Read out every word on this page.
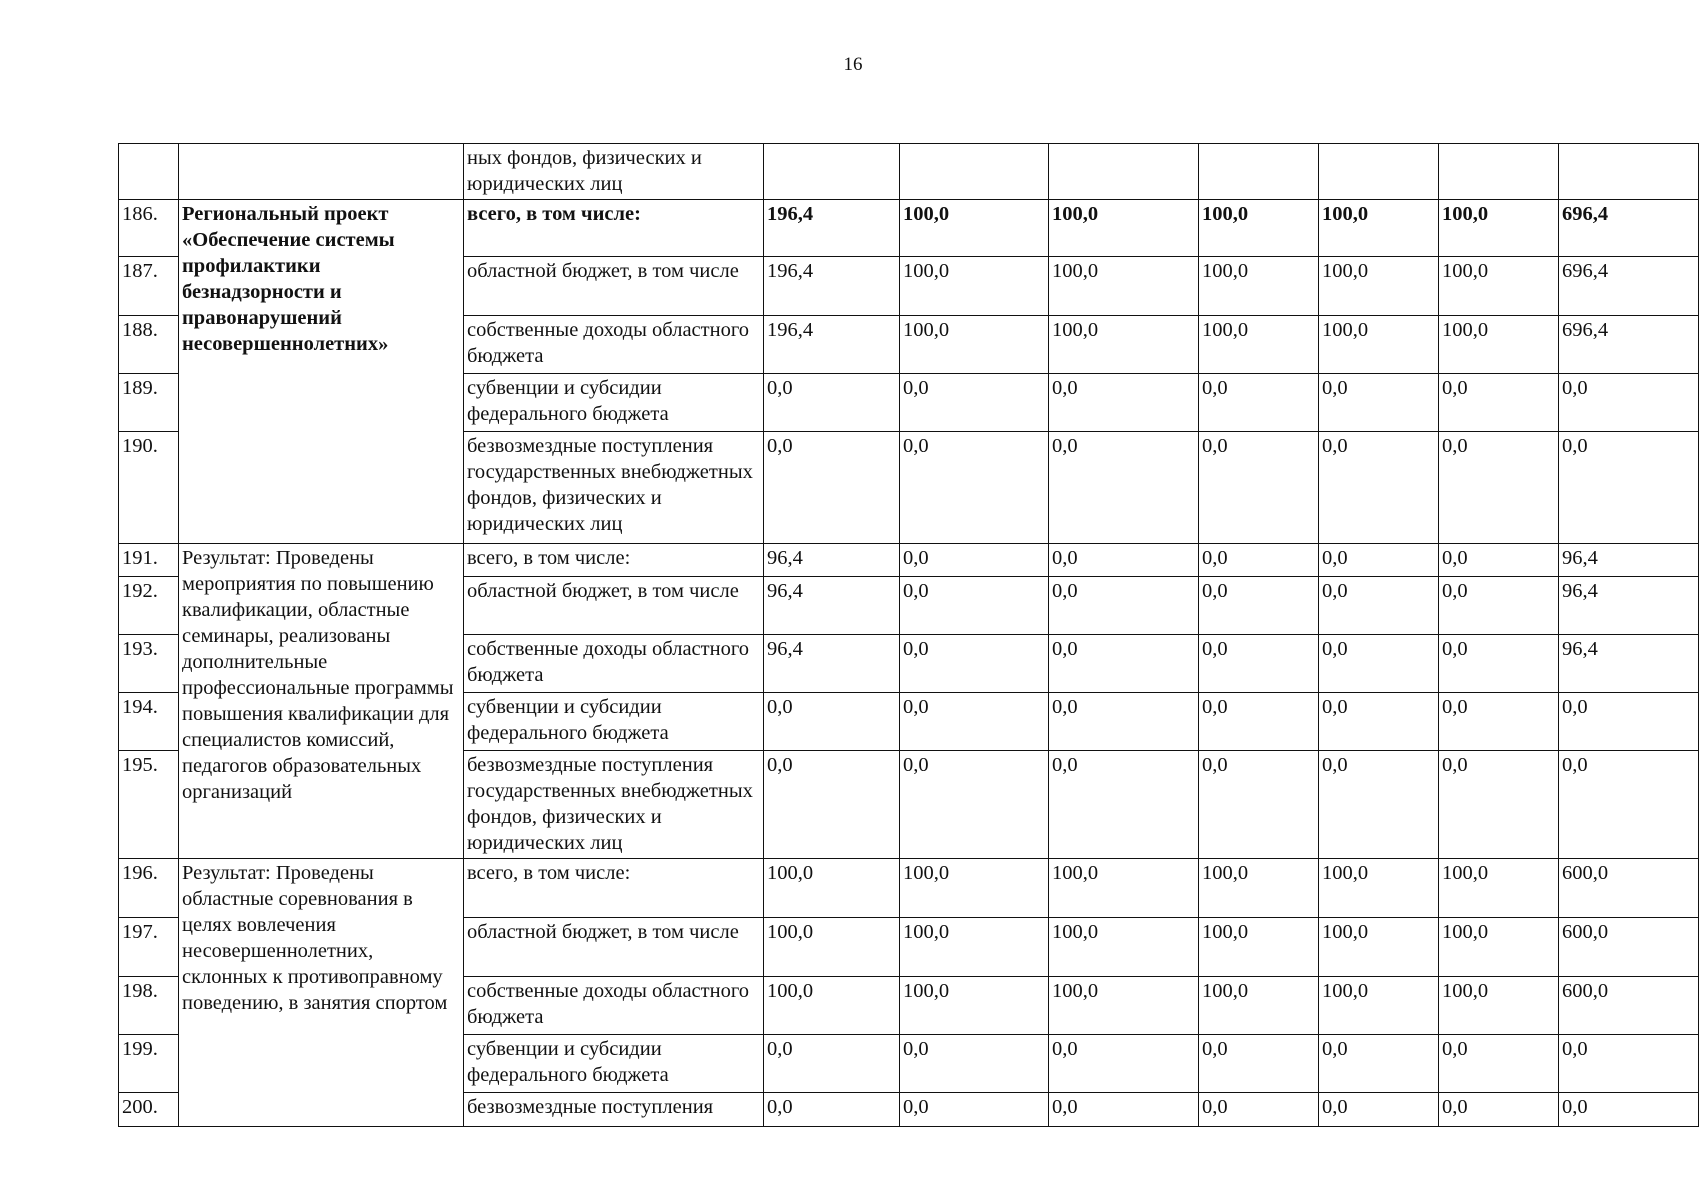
16
		ных фондов, физических и юридических лиц							
186.	Региональный проект «Обеспечение системы профилактики безнадзорности и правонарушений несовершеннолетних»	всего, в том числе:	196,4	100,0	100,0	100,0	100,0	100,0	696,4
187.		областной бюджет, в том числе	196,4	100,0	100,0	100,0	100,0	100,0	696,4
188.		собственные доходы областного бюджета	196,4	100,0	100,0	100,0	100,0	100,0	696,4
189.		субвенции и субсидии федерального бюджета	0,0	0,0	0,0	0,0	0,0	0,0	0,0
190.		безвозмездные поступления государственных внебюджетных фондов, физических и юридических лиц	0,0	0,0	0,0	0,0	0,0	0,0	0,0
191.	Результат: Проведены мероприятия по повышению квалификации, областные семинары, реализованы дополнительные профессиональные программы повышения квалификации для специалистов комиссий, педагогов образовательных организаций	всего, в том числе:	96,4	0,0	0,0	0,0	0,0	0,0	96,4
192.		областной бюджет, в том числе	96,4	0,0	0,0	0,0	0,0	0,0	96,4
193.		собственные доходы областного бюджета	96,4	0,0	0,0	0,0	0,0	0,0	96,4
194.		субвенции и субсидии федерального бюджета	0,0	0,0	0,0	0,0	0,0	0,0	0,0
195.		безвозмездные поступления государственных внебюджетных фондов, физических и юридических лиц	0,0	0,0	0,0	0,0	0,0	0,0	0,0
196.	Результат: Проведены областные соревнования в целях вовлечения несовершеннолетних, склонных к противоправному поведению, в занятия спортом	всего, в том числе:	100,0	100,0	100,0	100,0	100,0	100,0	600,0
197.		областной бюджет, в том числе	100,0	100,0	100,0	100,0	100,0	100,0	600,0
198.		собственные доходы областного бюджета	100,0	100,0	100,0	100,0	100,0	100,0	600,0
199.		субвенции и субсидии федерального бюджета	0,0	0,0	0,0	0,0	0,0	0,0	0,0
200.		безвозмездные поступления	0,0	0,0	0,0	0,0	0,0	0,0	0,0
